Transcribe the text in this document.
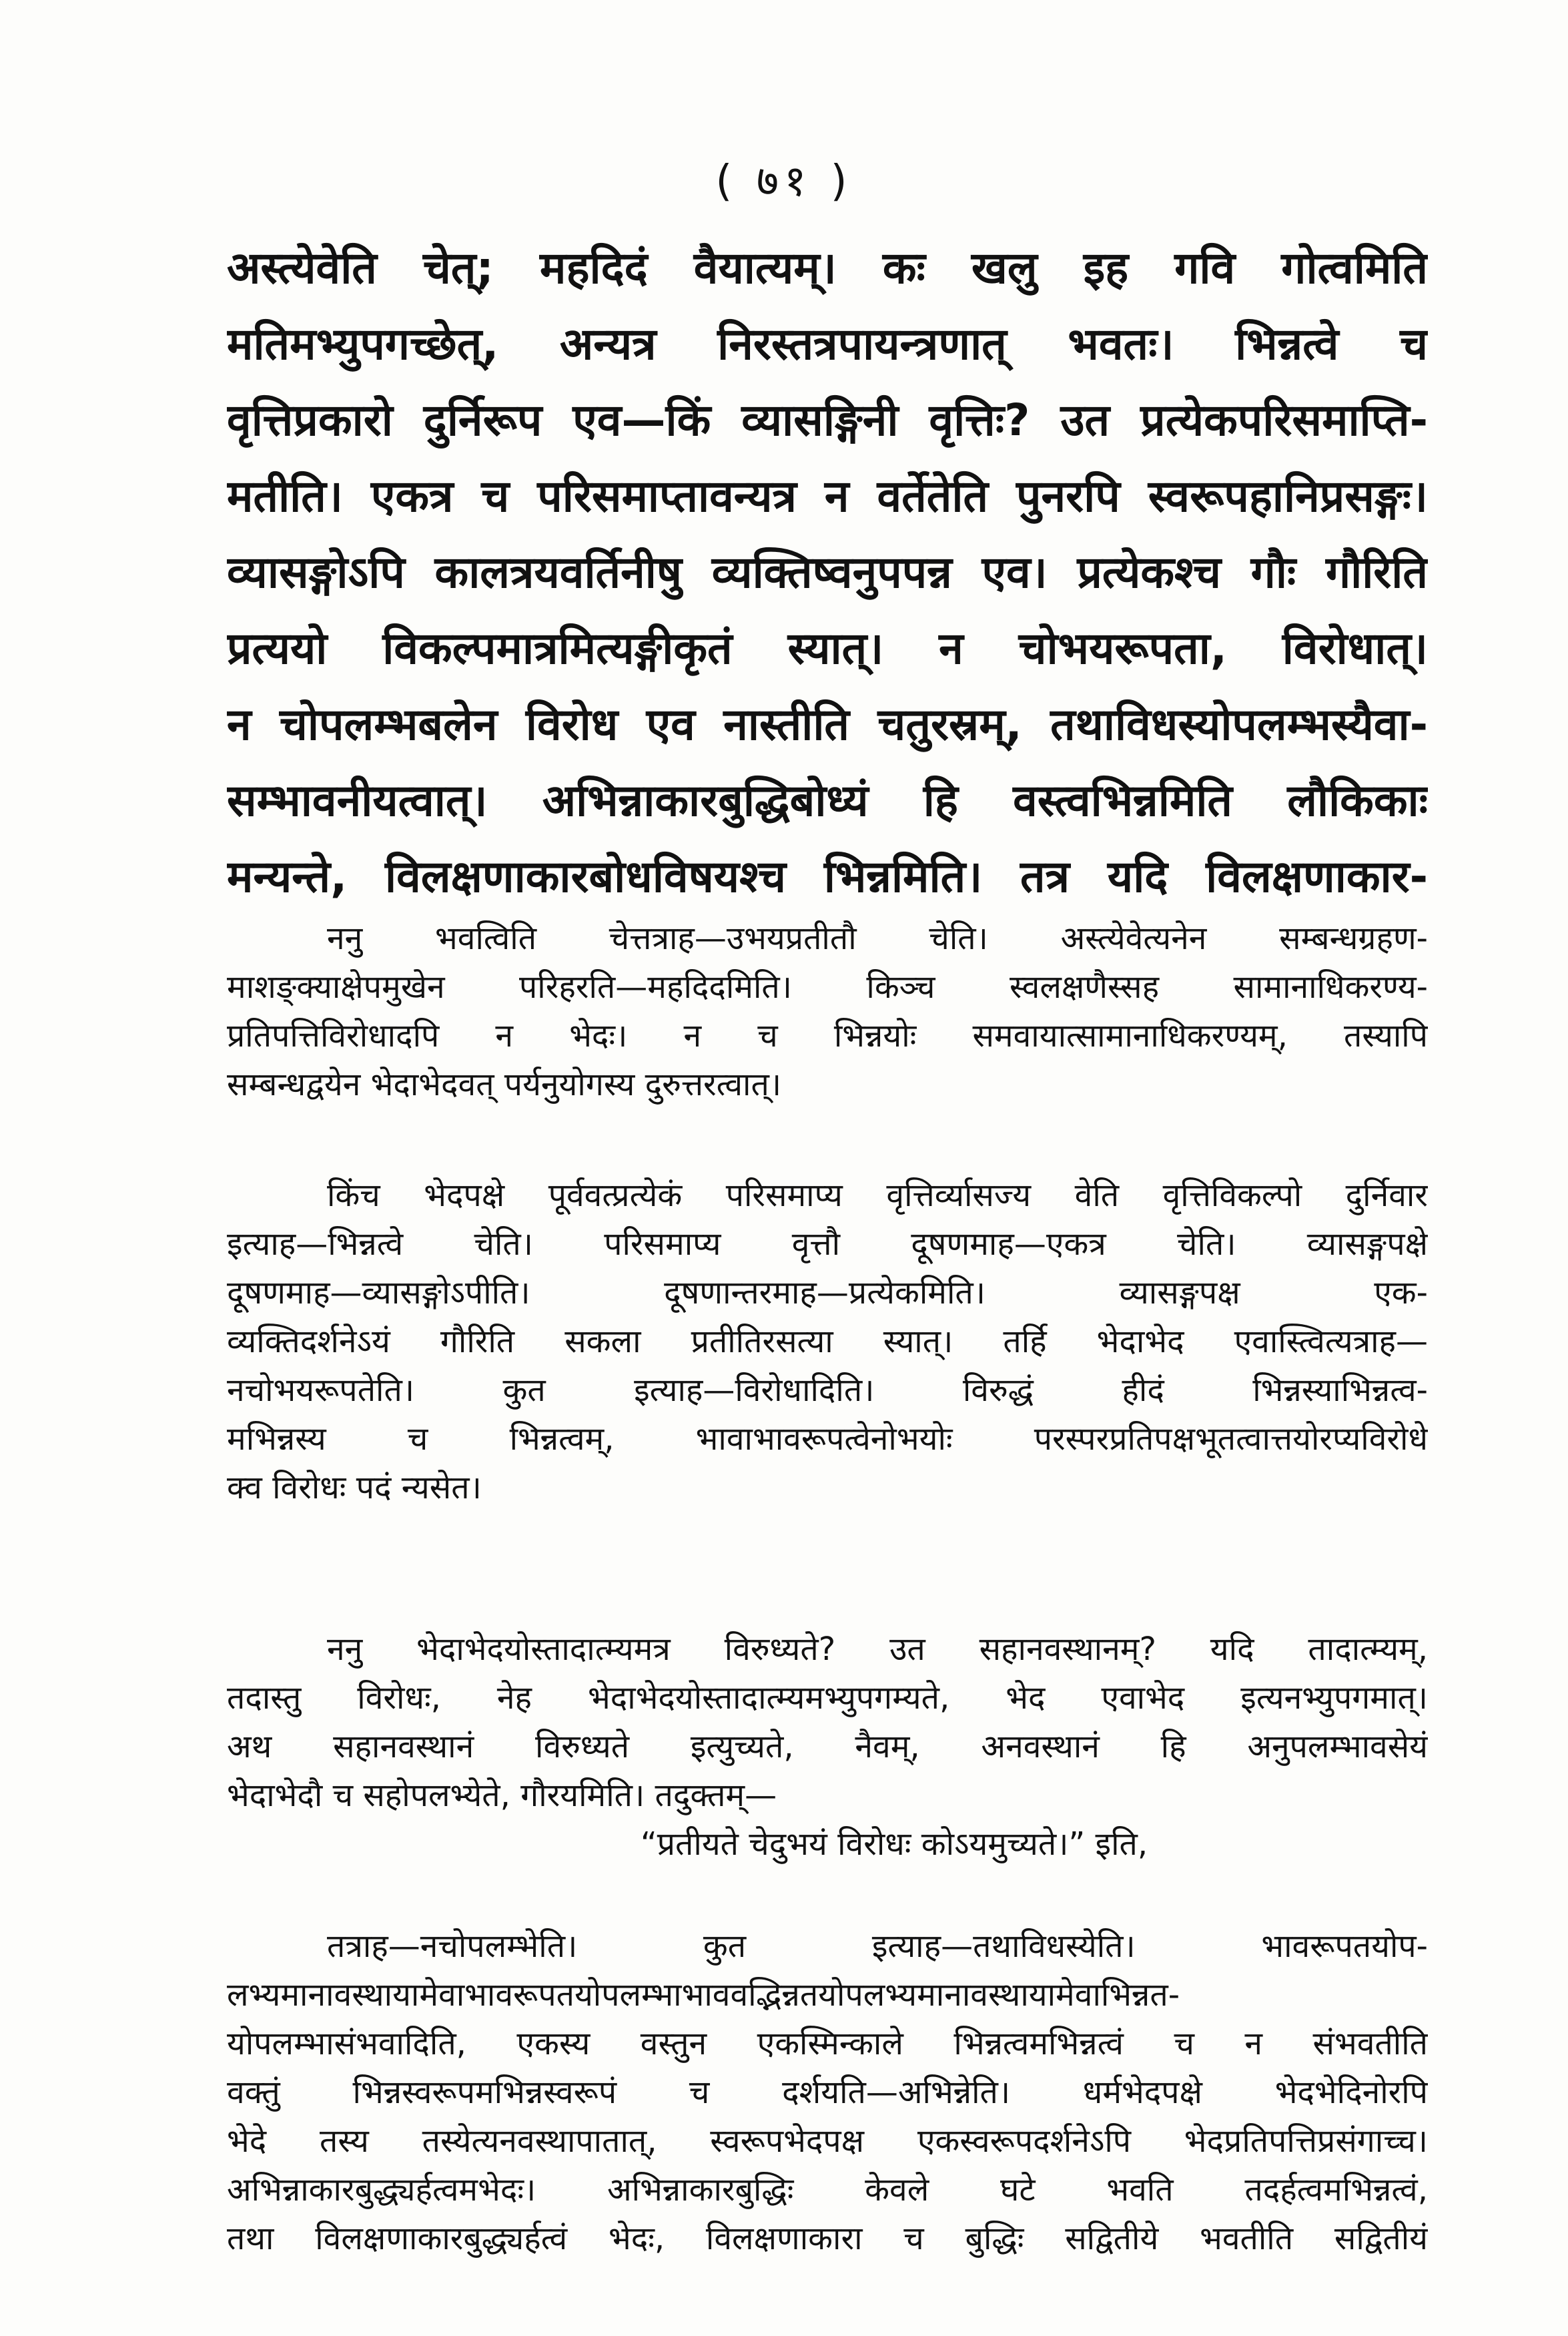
( ७१ )
अस्त्येवेति चेत्; महदिदं वैयात्यम्। कः खलु इह गवि गोत्वमिति
मतिमभ्युपगच्छेत्, अन्यत्र निरस्तत्रपायन्त्रणात् भवतः। भिन्नत्वे च
वृत्तिप्रकारो दुर्निरूप एव—किं व्यासङ्गिनी वृत्तिः? उत प्रत्येकपरिसमाप्ति-
मतीति। एकत्र च परिसमाप्तावन्यत्र न वर्तेतेति पुनरपि स्वरूपहानिप्रसङ्गः।
व्यासङ्गोऽपि कालत्रयवर्तिनीषु व्यक्तिष्वनुपपन्न एव। प्रत्येकश्च गौः गौरिति
प्रत्ययो विकल्पमात्रमित्यङ्गीकृतं स्यात्। न चोभयरूपता, विरोधात्।
न चोपलम्भबलेन विरोध एव नास्तीति चतुरस्रम्, तथाविधस्योपलम्भस्यैवा-
सम्भावनीयत्वात्। अभिन्नाकारबुद्धिबोध्यं हि वस्त्वभिन्नमिति लौकिकाः
मन्यन्ते, विलक्षणाकारबोधविषयश्च भिन्नमिति। तत्र यदि विलक्षणाकार-
ननु भवत्विति चेत्तत्राह—उभयप्रतीतौ चेति। अस्त्येवेत्यनेन सम्बन्धग्रहण-
माशङ्क्याक्षेपमुखेन परिहरति—महदिदमिति। किञ्च स्वलक्षणैस्सह सामानाधिकरण्य-
प्रतिपत्तिविरोधादपि न भेदः। न च भिन्नयोः समवायात्सामानाधिकरण्यम्, तस्यापि
सम्बन्धद्वयेन भेदाभेदवत् पर्यनुयोगस्य दुरुत्तरत्वात्।
किंच भेदपक्षे पूर्ववत्प्रत्येकं परिसमाप्य वृत्तिर्व्यासज्य वेति वृत्तिविकल्पो दुर्निवार
इत्याह—भिन्नत्वे चेति। परिसमाप्य वृत्तौ दूषणमाह—एकत्र चेति। व्यासङ्गपक्षे
दूषणमाह—व्यासङ्गोऽपीति। दूषणान्तरमाह—प्रत्येकमिति। व्यासङ्गपक्ष एक-
व्यक्तिदर्शनेऽयं गौरिति सकला प्रतीतिरसत्या स्यात्। तर्हि भेदाभेद एवास्त्वित्यत्राह—
नचोभयरूपतेति। कुत इत्याह—विरोधादिति। विरुद्धं हीदं भिन्नस्याभिन्नत्व-
मभिन्नस्य च भिन्नत्वम्, भावाभावरूपत्वेनोभयोः परस्परप्रतिपक्षभूतत्वात्तयोरप्यविरोधे
क्व विरोधः पदं न्यसेत।
ननु भेदाभेदयोस्तादात्म्यमत्र विरुध्यते? उत सहानवस्थानम्? यदि तादात्म्यम्,
तदास्तु विरोधः, नेह भेदाभेदयोस्तादात्म्यमभ्युपगम्यते, भेद एवाभेद इत्यनभ्युपगमात्।
अथ सहानवस्थानं विरुध्यते इत्युच्यते, नैवम्, अनवस्थानं हि अनुपलम्भावसेयं
भेदाभेदौ च सहोपलभ्येते, गौरयमिति। तदुक्तम्—
“प्रतीयते चेदुभयं विरोधः कोऽयमुच्यते।” इति,
तत्राह—नचोपलम्भेति। कुत इत्याह—तथाविधस्येति। भावरूपतयोप-
लभ्यमानावस्थायामेवाभावरूपतयोपलम्भाभाववद्भिन्नतयोपलभ्यमानावस्थायामेवाभिन्नत-
योपलम्भासंभवादिति, एकस्य वस्तुन एकस्मिन्काले भिन्नत्वमभिन्नत्वं च न संभवतीति
वक्तुं भिन्नस्वरूपमभिन्नस्वरूपं च दर्शयति—अभिन्नेति। धर्मभेदपक्षे भेदभेदिनोरपि
भेदे तस्य तस्येत्यनवस्थापातात्, स्वरूपभेदपक्ष एकस्वरूपदर्शनेऽपि भेदप्रतिपत्तिप्रसंगाच्च।
अभिन्नाकारबुद्ध्यर्हत्वमभेदः। अभिन्नाकारबुद्धिः केवले घटे भवति तदर्हत्वमभिन्नत्वं,
तथा विलक्षणाकारबुद्ध्यर्हत्वं भेदः, विलक्षणाकारा च बुद्धिः सद्वितीये भवतीति सद्वितीयं
